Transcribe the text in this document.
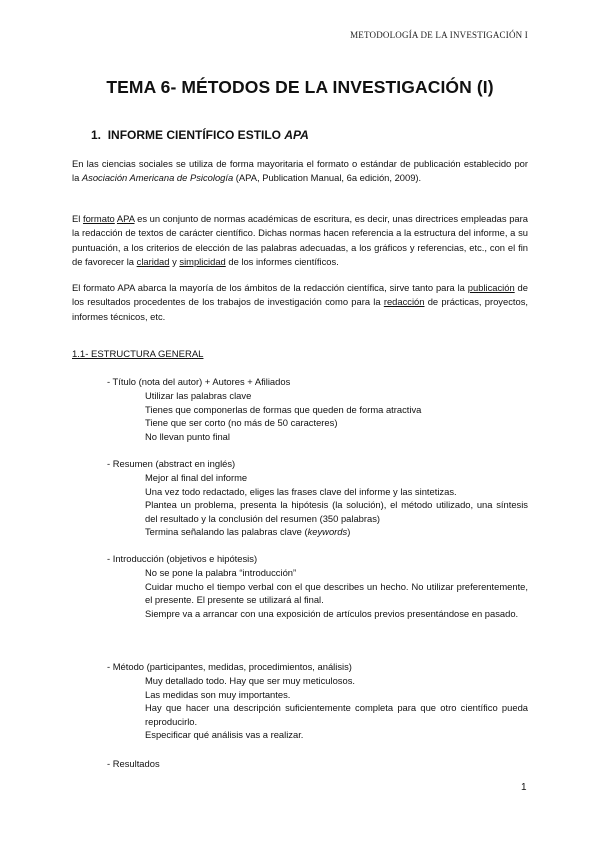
METODOLOGÍA DE LA INVESTIGACIÓN I
TEMA 6- MÉTODOS DE LA INVESTIGACIÓN (I)
1. INFORME CIENTÍFICO ESTILO APA
En las ciencias sociales se utiliza de forma mayoritaria el formato o estándar de publicación establecido por la Asociación Americana de Psicología (APA, Publication Manual, 6a edición, 2009).
El formato APA es un conjunto de normas académicas de escritura, es decir, unas directrices empleadas para la redacción de textos de carácter científico. Dichas normas hacen referencia a la estructura del informe, a su puntuación, a los criterios de elección de las palabras adecuadas, a los gráficos y referencias, etc., con el fin de favorecer la claridad y simplicidad de los informes científicos.
El formato APA abarca la mayoría de los ámbitos de la redacción científica, sirve tanto para la publicación de los resultados procedentes de los trabajos de investigación como para la redacción de prácticas, proyectos, informes técnicos, etc.
1.1- ESTRUCTURA GENERAL
- Título (nota del autor) + Autores + Afiliados
Utilizar las palabras clave
Tienes que componerlas de formas que queden de forma atractiva
Tiene que ser corto (no más de 50 caracteres)
No llevan punto final
- Resumen (abstract en inglés)
Mejor al final del informe
Una vez todo redactado, eliges las frases clave del informe y las sintetizas.
Plantea un problema, presenta la hipótesis (la solución), el método utilizado, una síntesis del resultado y la conclusión del resumen (350 palabras)
Termina señalando las palabras clave (keywords)
- Introducción (objetivos e hipótesis)
No se pone la palabra “introducción”
Cuidar mucho el tiempo verbal con el que describes un hecho. No utilizar preferentemente, el presente. El presente se utilizará al final.
Siempre va a arrancar con una exposición de artículos previos presentándose en pasado.
- Método (participantes, medidas, procedimientos, análisis)
Muy detallado todo. Hay que ser muy meticulosos.
Las medidas son muy importantes.
Hay que hacer una descripción suficientemente completa para que otro científico pueda reproducirlo.
Especificar qué análisis vas a realizar.
- Resultados
1
